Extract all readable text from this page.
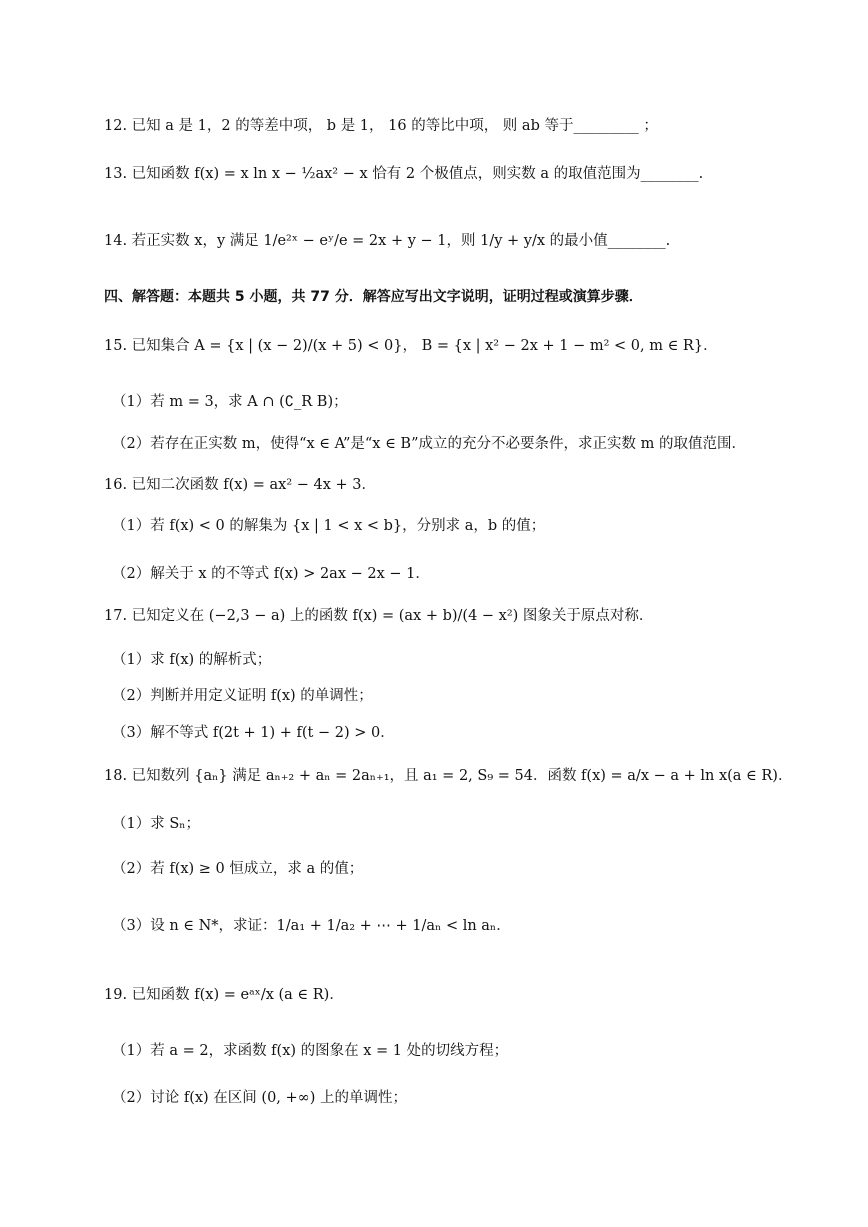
12. 已知 a 是 1，2 的等差中项， b 是 1， 16 的等比中项， 则 ab 等于_________ ；
13. 已知函数 f(x) = x ln x − ½ax² − x 恰有 2 个极值点，则实数 a 的取值范围为________.
14. 若正实数 x，y 满足 1/e²ˣ − eʸ/e = 2x + y − 1，则 1/y + y/x 的最小值________.
四、解答题：本题共 5 小题，共 77 分．解答应写出文字说明，证明过程或演算步骤．
15. 已知集合 A = {x | (x − 2)/(x + 5) < 0}， B = {x | x² − 2x + 1 − m² < 0, m ∈ R}．
（1）若 m = 3，求 A ∩ (∁_R B)；
（2）若存在正实数 m，使得“x ∈ A”是“x ∈ B”成立的充分不必要条件，求正实数 m 的取值范围．
16. 已知二次函数 f(x) = ax² − 4x + 3．
（1）若 f(x) < 0 的解集为 {x | 1 < x < b}，分别求 a，b 的值；
（2）解关于 x 的不等式 f(x) > 2ax − 2x − 1．
17. 已知定义在 (−2,3 − a) 上的函数 f(x) = (ax + b)/(4 − x²) 图象关于原点对称．
（1）求 f(x) 的解析式；
（2）判断并用定义证明 f(x) 的单调性；
（3）解不等式 f(2t + 1) + f(t − 2) > 0．
18. 已知数列 {aₙ} 满足 aₙ₊₂ + aₙ = 2aₙ₊₁，且 a₁ = 2, S₉ = 54．函数 f(x) = a/x − a + ln x(a ∈ R)．
（1）求 Sₙ；
（2）若 f(x) ≥ 0 恒成立，求 a 的值；
（3）设 n ∈ N*，求证：1/a₁ + 1/a₂ + ⋯ + 1/aₙ < ln aₙ．
19. 已知函数 f(x) = eᵃˣ/x (a ∈ R)．
（1）若 a = 2，求函数 f(x) 的图象在 x = 1 处的切线方程；
（2）讨论 f(x) 在区间 (0, +∞) 上的单调性；
